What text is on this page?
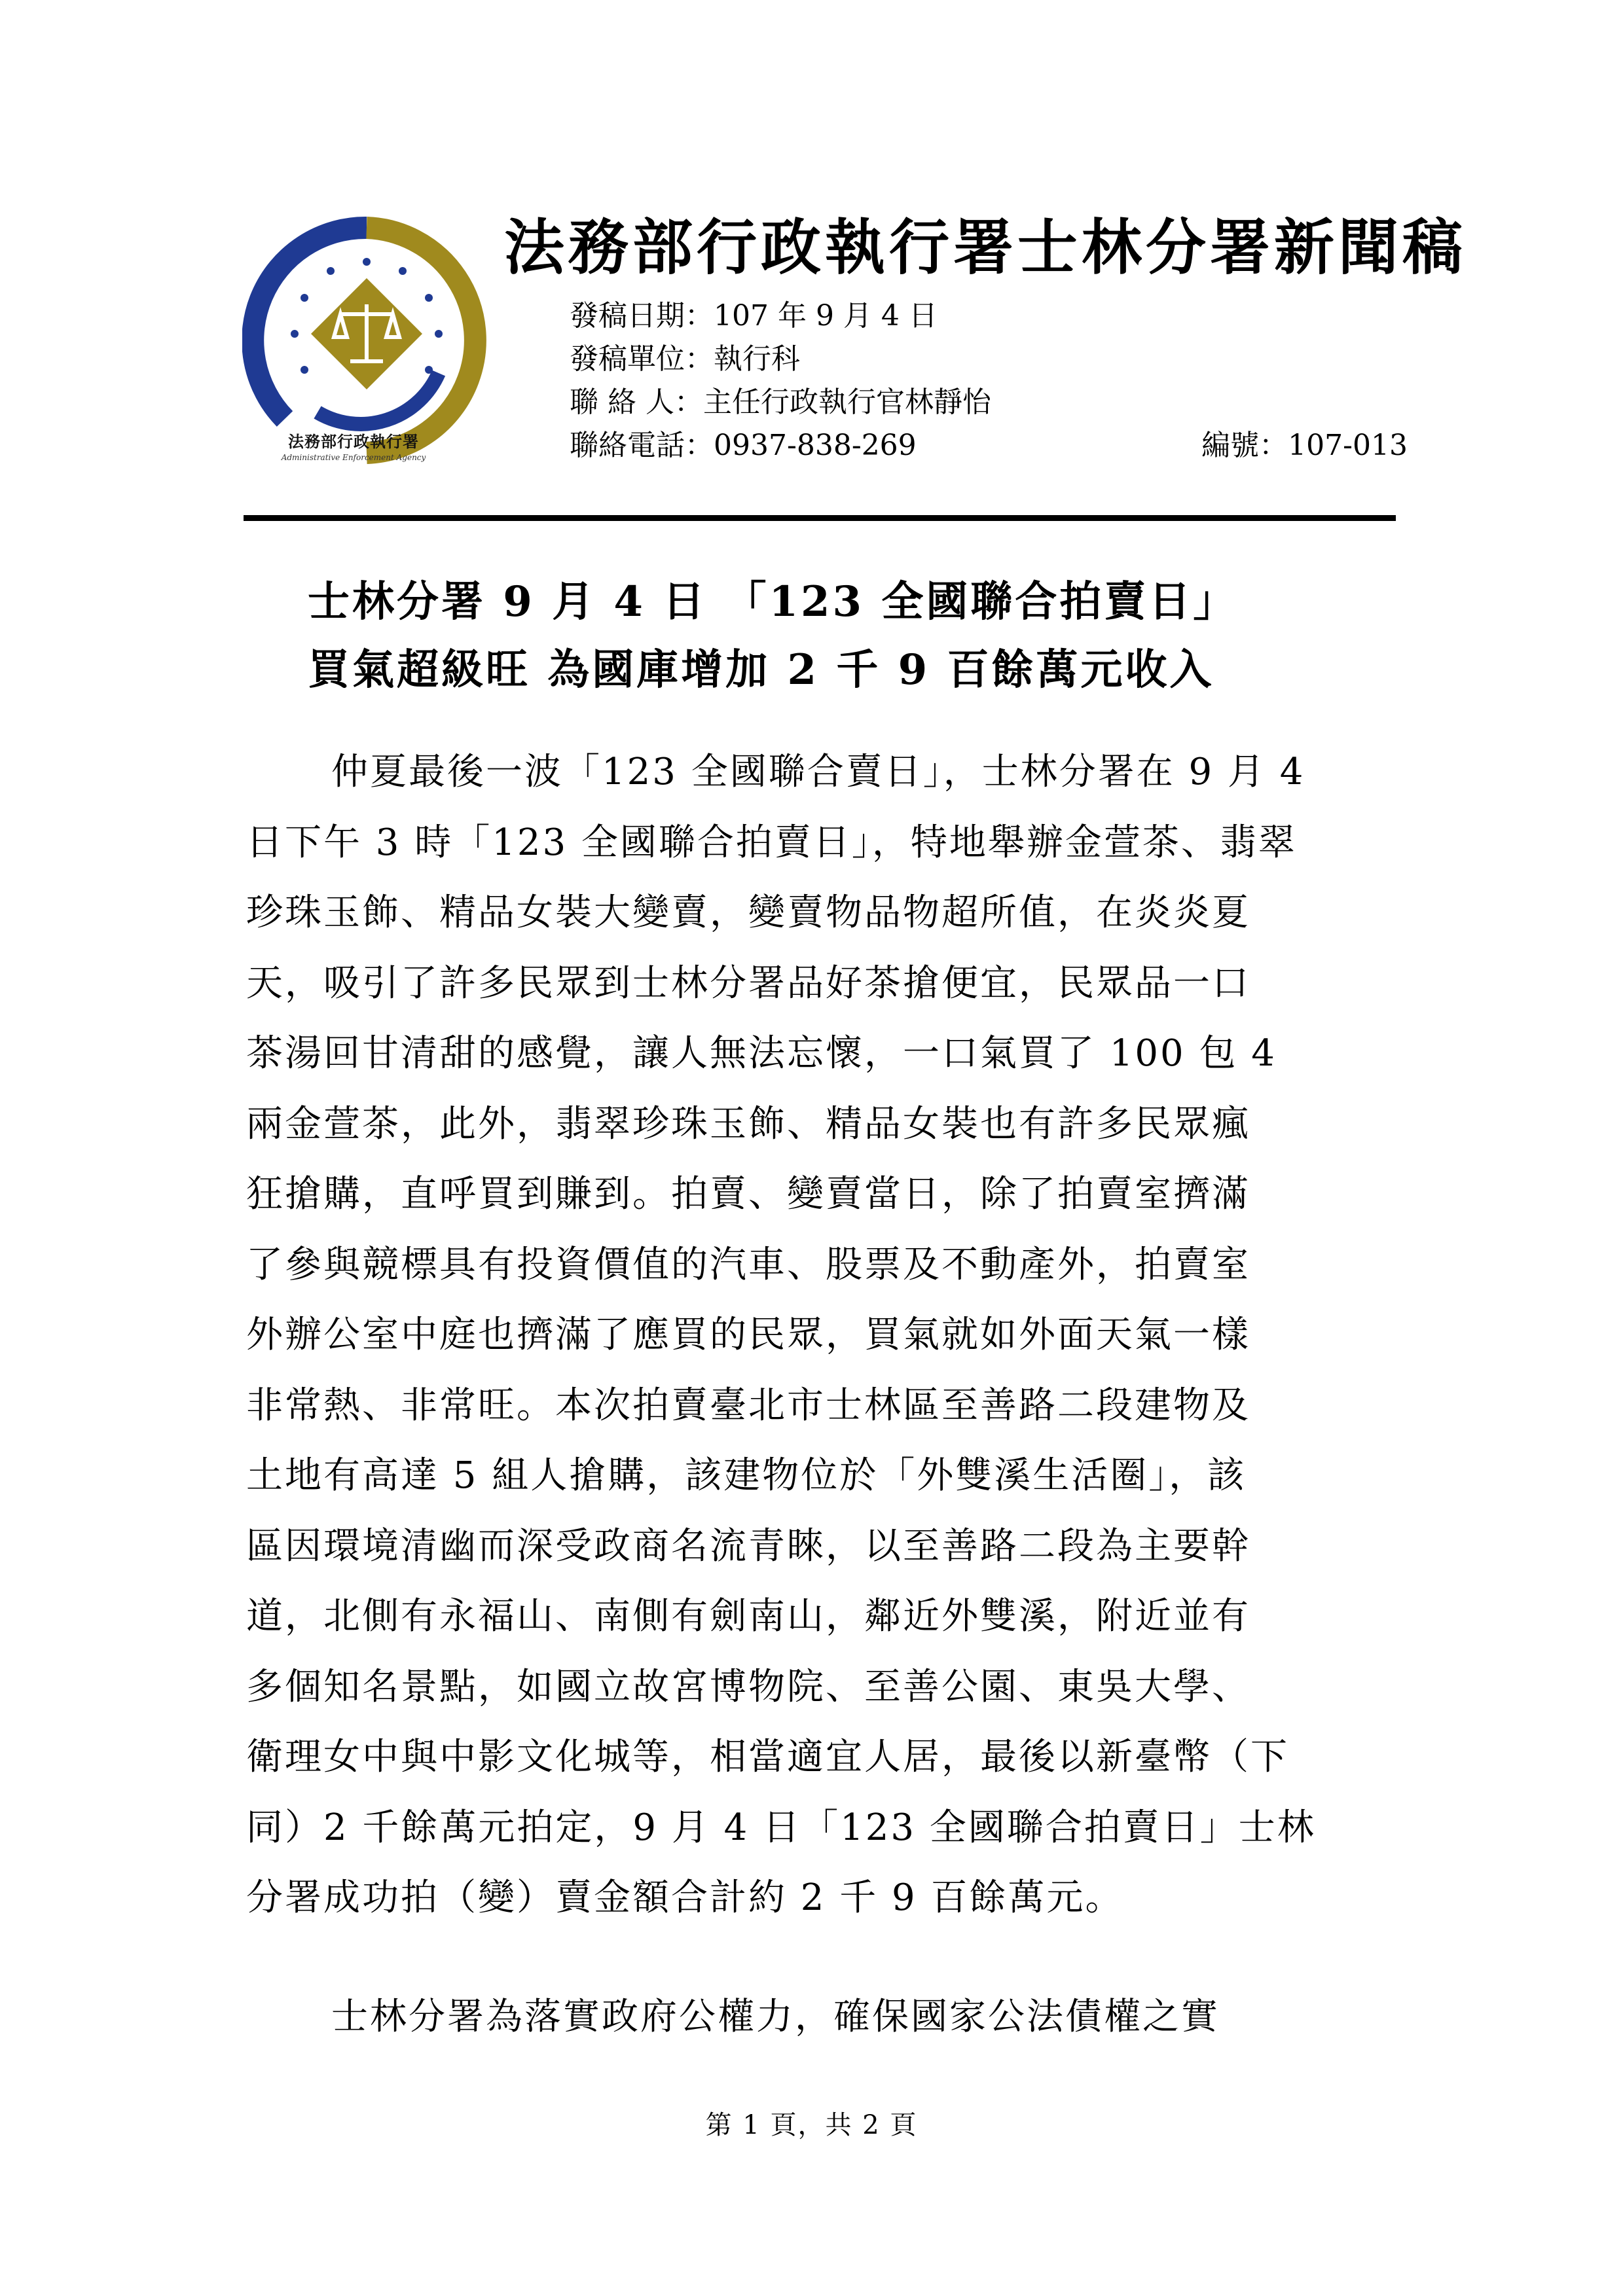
法務部行政執行署
Administrative Enforcement Agency
法務部行政執行署士林分署新聞稿
發稿日期：107 年 9 月 4 日
發稿單位：執行科
聯 絡 人：主任行政執行官林靜怡
聯絡電話：0937-838-269	編號：107-013
士林分署 9 月 4 日 「123 全國聯合拍賣日」
買氣超級旺 為國庫增加 2 千 9 百餘萬元收入
仲夏最後一波「123 全國聯合賣日」，士林分署在 9 月 4
日下午 3 時「123 全國聯合拍賣日」，特地舉辦金萱茶、翡翠
珍珠玉飾、精品女裝大變賣，變賣物品物超所值，在炎炎夏
天，吸引了許多民眾到士林分署品好茶搶便宜，民眾品一口
茶湯回甘清甜的感覺，讓人無法忘懷，一口氣買了 100 包 4
兩金萱茶，此外，翡翠珍珠玉飾、精品女裝也有許多民眾瘋
狂搶購，直呼買到賺到。拍賣、變賣當日，除了拍賣室擠滿
了參與競標具有投資價值的汽車、股票及不動產外，拍賣室
外辦公室中庭也擠滿了應買的民眾，買氣就如外面天氣一樣
非常熱、非常旺。本次拍賣臺北市士林區至善路二段建物及
土地有高達 5 組人搶購，該建物位於「外雙溪生活圈」，該
區因環境清幽而深受政商名流青睞，以至善路二段為主要幹
道，北側有永福山、南側有劍南山，鄰近外雙溪，附近並有
多個知名景點，如國立故宮博物院、至善公園、東吳大學、
衛理女中與中影文化城等，相當適宜人居，最後以新臺幣（下
同）2 千餘萬元拍定，9 月 4 日「123 全國聯合拍賣日」士林
分署成功拍（變）賣金額合計約 2 千 9 百餘萬元。
士林分署為落實政府公權力，確保國家公法債權之實
第 1 頁，共 2 頁
